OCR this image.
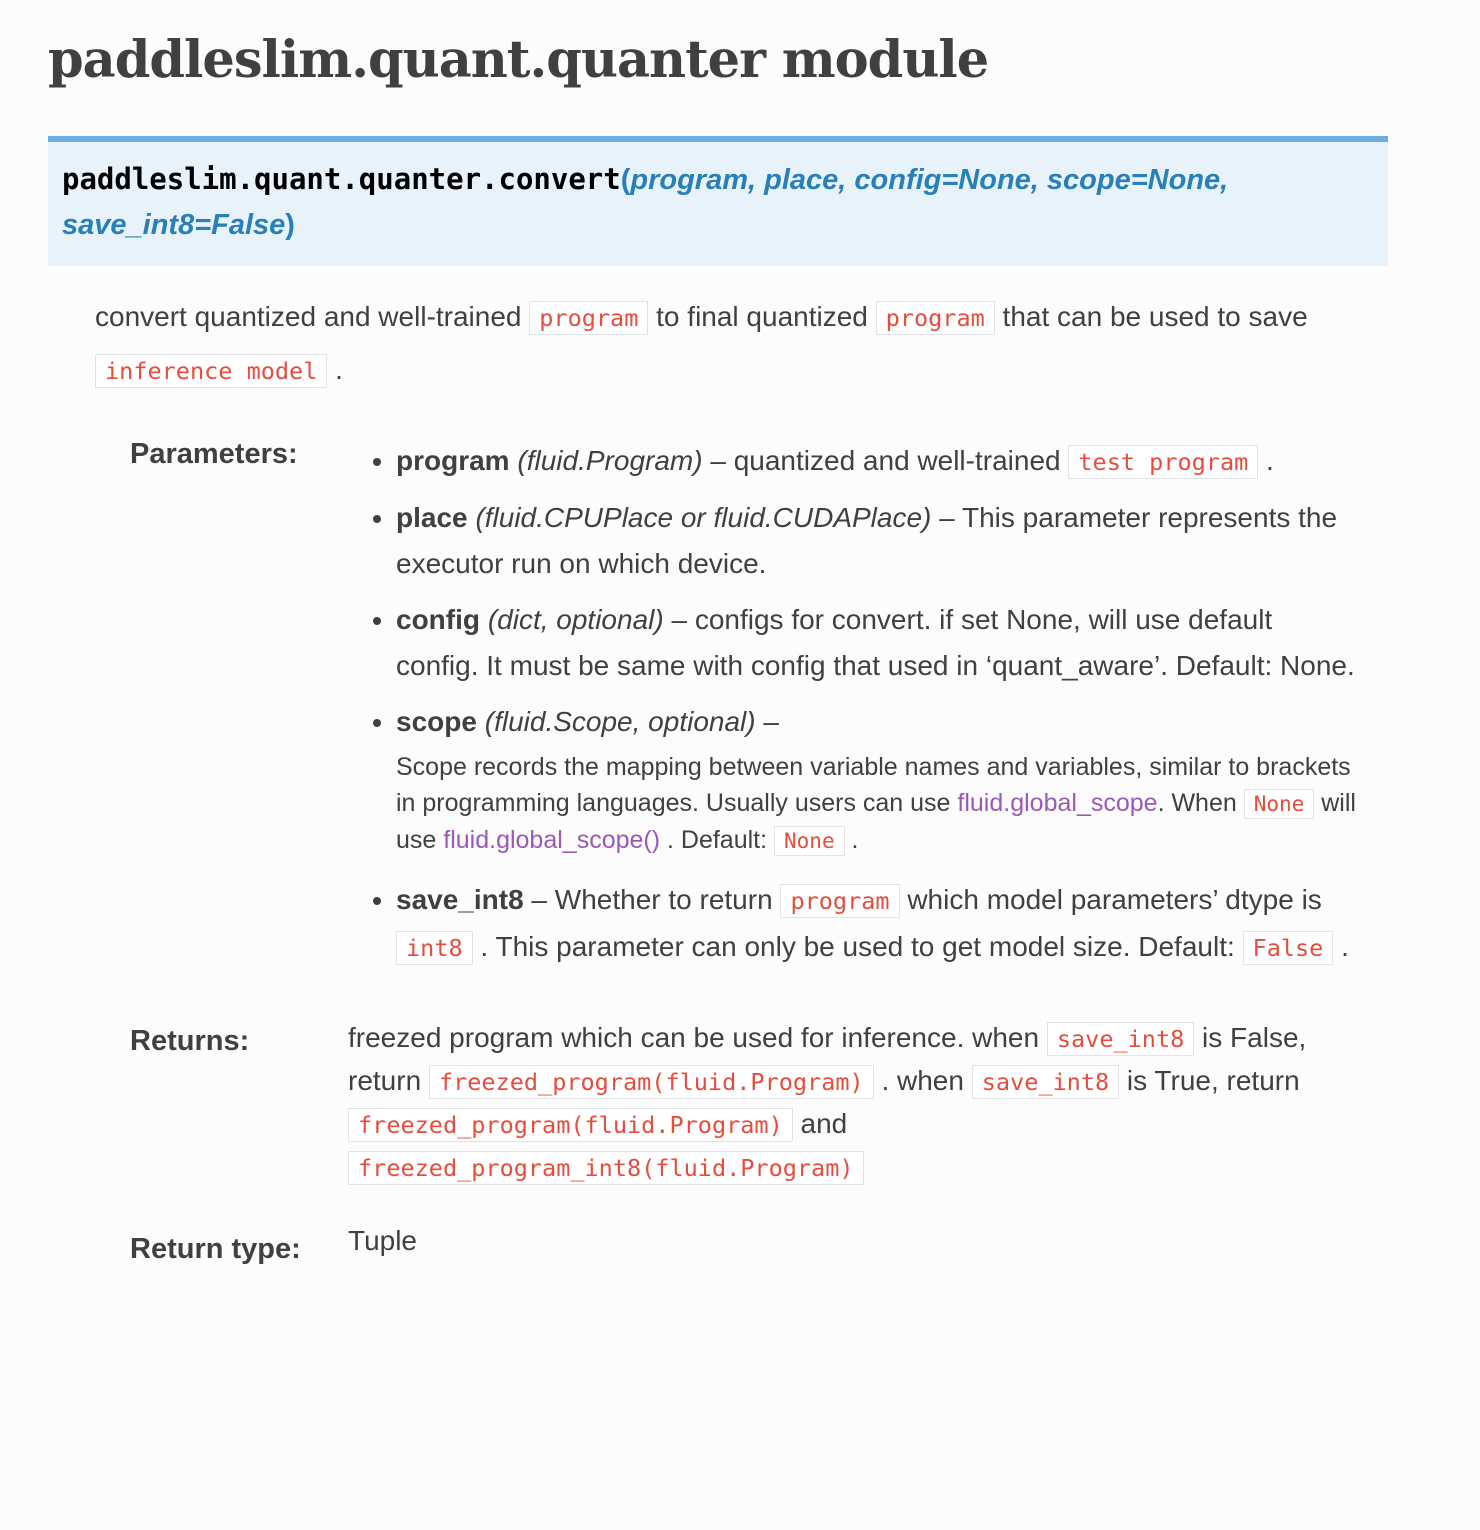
paddleslim.quant.quanter module
paddleslim.quant.quanter.convert(program, place, config=None, scope=None, save_int8=False)

convert quantized and well-trained program to final quantized program that can be used to save inference model .

Parameters:	• program (fluid.Program) – quantized and well-trained test program .
• place (fluid.CPUPlace or fluid.CUDAPlace) – This parameter represents the executor run on which device.
• config (dict, optional) – configs for convert. if set None, will use default config. It must be same with config that used in ‘quant_aware’. Default: None.
• scope (fluid.Scope, optional) –

Scope records the mapping between variable names and variables, similar to brackets in programming languages. Usually users can use fluid.global_scope. When None will use fluid.global_scope() . Default: None .

• save_int8 – Whether to return program which model parameters’ dtype is int8 . This parameter can only be used to get model size. Default: False .
Returns:	freezed program which can be used for inference. when save_int8 is False, return freezed_program(fluid.Program) . when save_int8 is True, return freezed_program(fluid.Program) and freezed_program_int8(fluid.Program)

Return type:	Tuple
